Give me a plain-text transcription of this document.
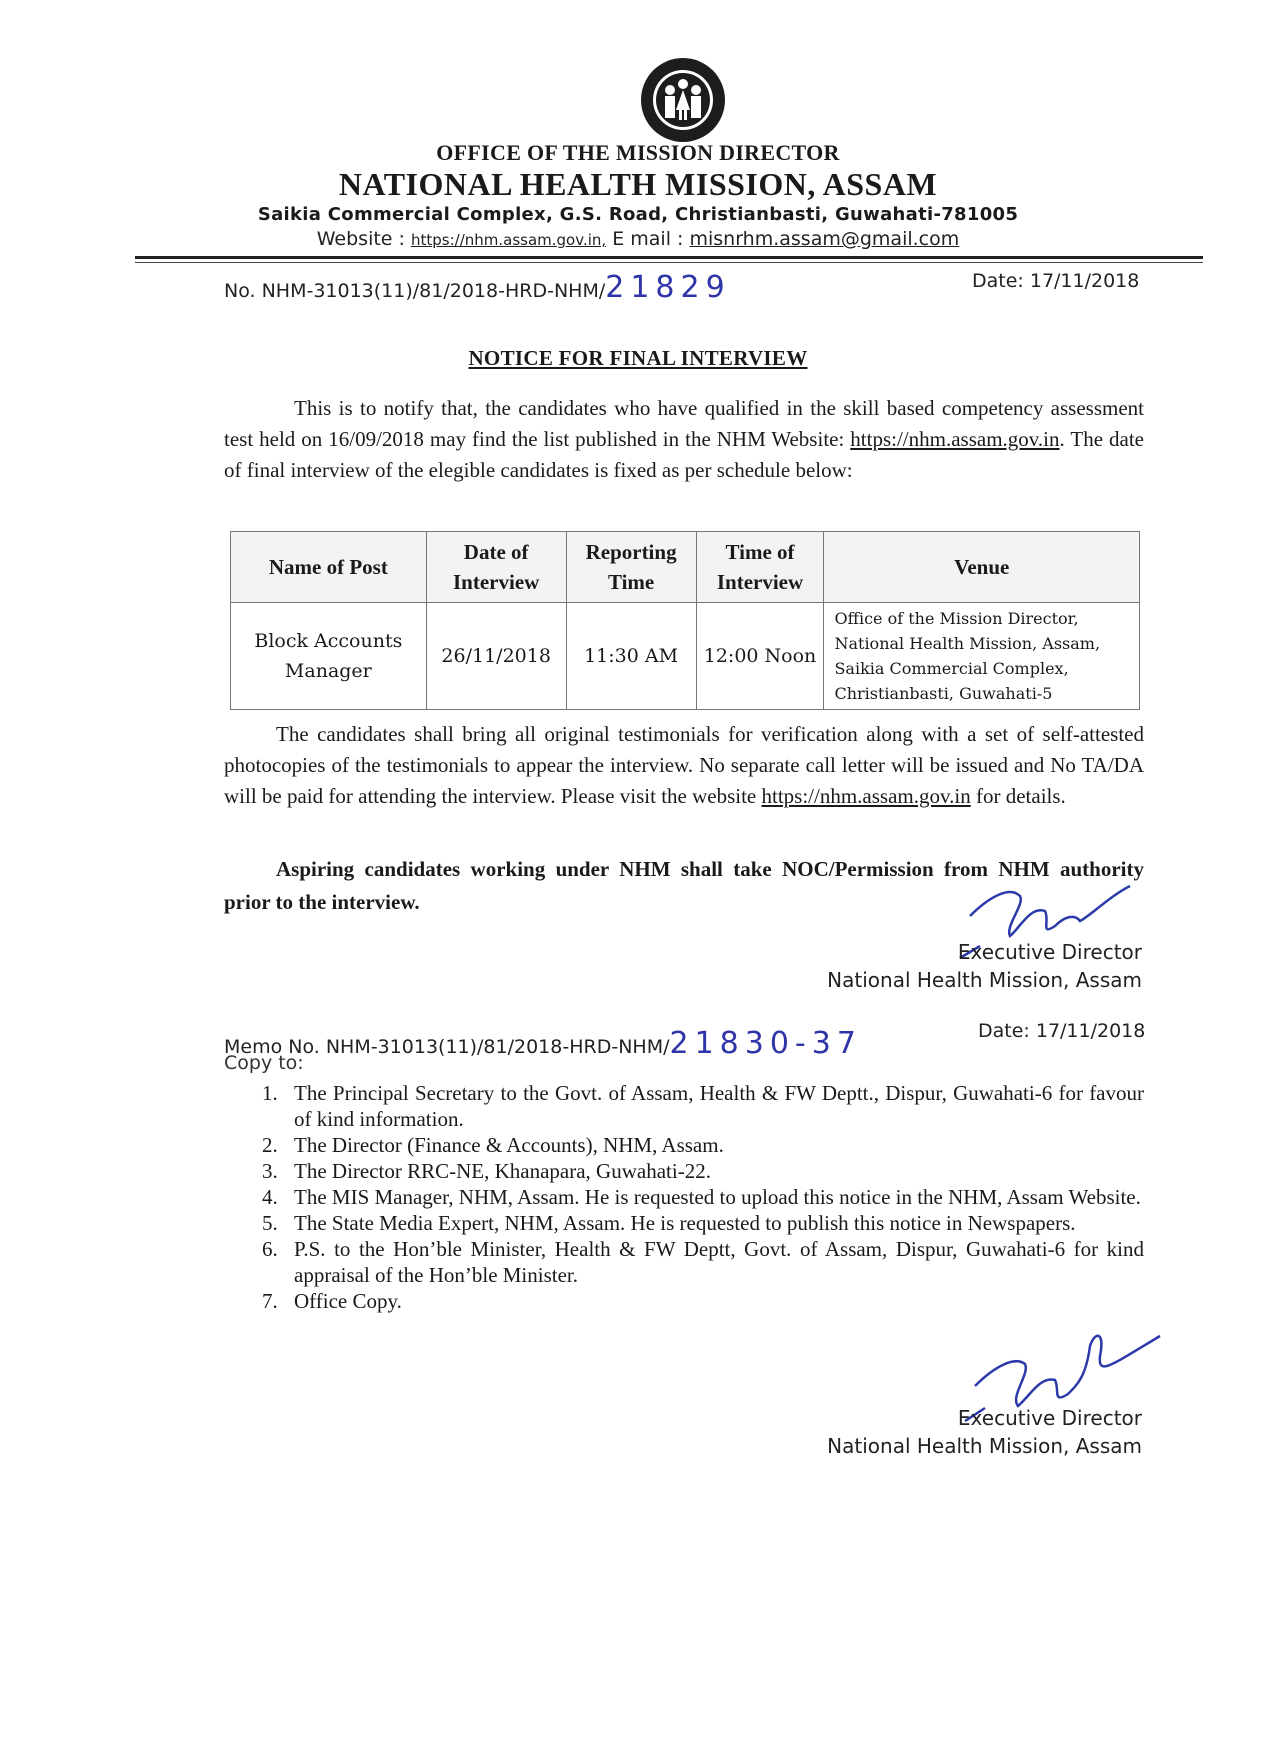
OFFICE OF THE MISSION DIRECTOR
NATIONAL HEALTH MISSION, ASSAM
Saikia Commercial Complex, G.S. Road, Christianbasti, Guwahati-781005
Website : https://nhm.assam.gov.in, E mail : misnrhm.assam@gmail.com
No. NHM-31013(11)/81/2018-HRD-NHM/21829	Date: 17/11/2018
NOTICE FOR FINAL INTERVIEW
This is to notify that, the candidates who have qualified in the skill based competency assessment test held on 16/09/2018 may find the list published in the NHM Website: https://nhm.assam.gov.in. The date of final interview of the elegible candidates is fixed as per schedule below:
Name of Post	Date of Interview	Reporting Time	Time of Interview	Venue
Block Accounts Manager	26/11/2018	11:30 AM	12:00 Noon	Office of the Mission Director, National Health Mission, Assam, Saikia Commercial Complex, Christianbasti, Guwahati-5
The candidates shall bring all original testimonials for verification along with a set of self-attested photocopies of the testimonials to appear the interview. No separate call letter will be issued and No TA/DA will be paid for attending the interview. Please visit the website https://nhm.assam.gov.in for details.
Aspiring candidates working under NHM shall take NOC/Permission from NHM authority prior to the interview.
Executive Director
National Health Mission, Assam
Memo No. NHM-31013(11)/81/2018-HRD-NHM/21830-37	Date: 17/11/2018
Copy to:
1. The Principal Secretary to the Govt. of Assam, Health & FW Deptt., Dispur, Guwahati-6 for favour of kind information.
2. The Director (Finance & Accounts), NHM, Assam.
3. The Director RRC-NE, Khanapara, Guwahati-22.
4. The MIS Manager, NHM, Assam. He is requested to upload this notice in the NHM, Assam Website.
5. The State Media Expert, NHM, Assam. He is requested to publish this notice in Newspapers.
6. P.S. to the Hon’ble Minister, Health & FW Deptt, Govt. of Assam, Dispur, Guwahati-6 for kind appraisal of the Hon’ble Minister.
7. Office Copy.
Executive Director
National Health Mission, Assam
